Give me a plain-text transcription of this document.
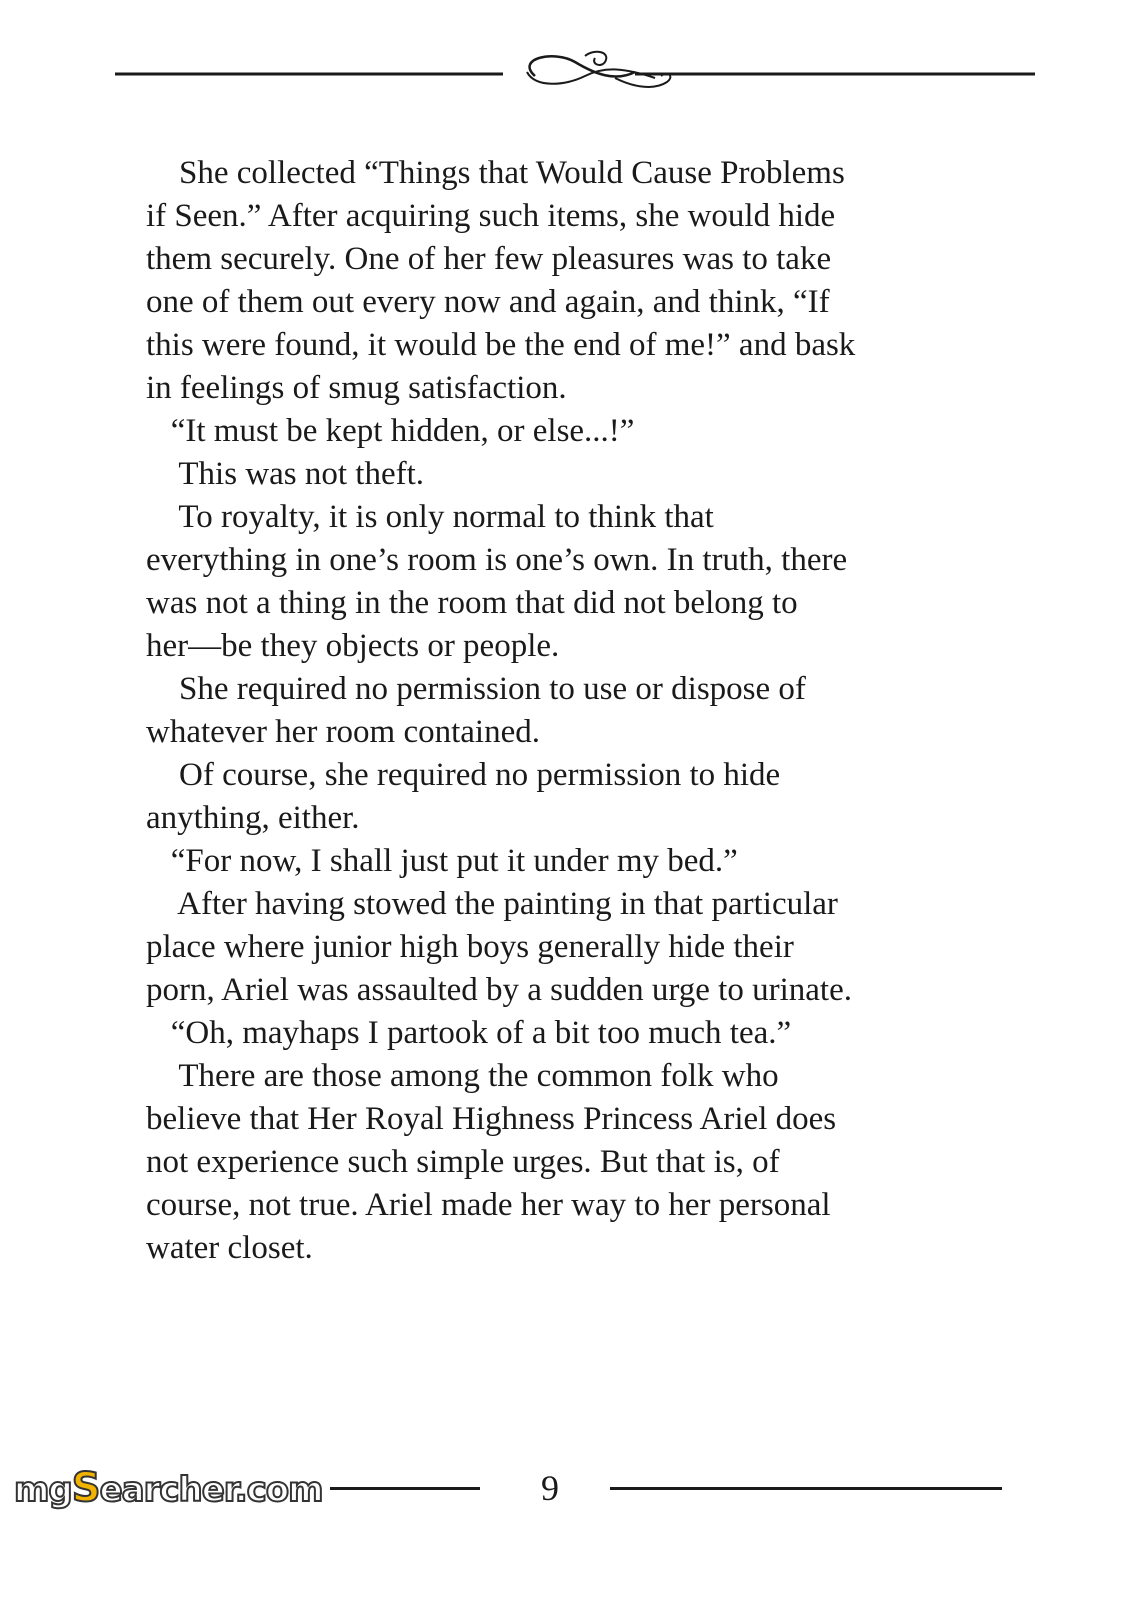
She collected “Things that Would Cause Problems
if Seen.” After acquiring such items, she would hide
them securely. One of her few pleasures was to take
one of them out every now and again, and think, “If
this were found, it would be the end of me!” and bask
in feelings of smug satisfaction.
“It must be kept hidden, or else...!”
This was not theft.
To royalty, it is only normal to think that
everything in one’s room is one’s own. In truth, there
was not a thing in the room that did not belong to
her—be they objects or people.
She required no permission to use or dispose of
whatever her room contained.
Of course, she required no permission to hide
anything, either.
“For now, I shall just put it under my bed.”
After having stowed the painting in that particular
place where junior high boys generally hide their
porn, Ariel was assaulted by a sudden urge to urinate.
“Oh, mayhaps I partook of a bit too much tea.”
There are those among the common folk who
believe that Her Royal Highness Princess Ariel does
not experience such simple urges. But that is, of
course, not true. Ariel made her way to her personal
water closet.
mgSearcher.com	9
